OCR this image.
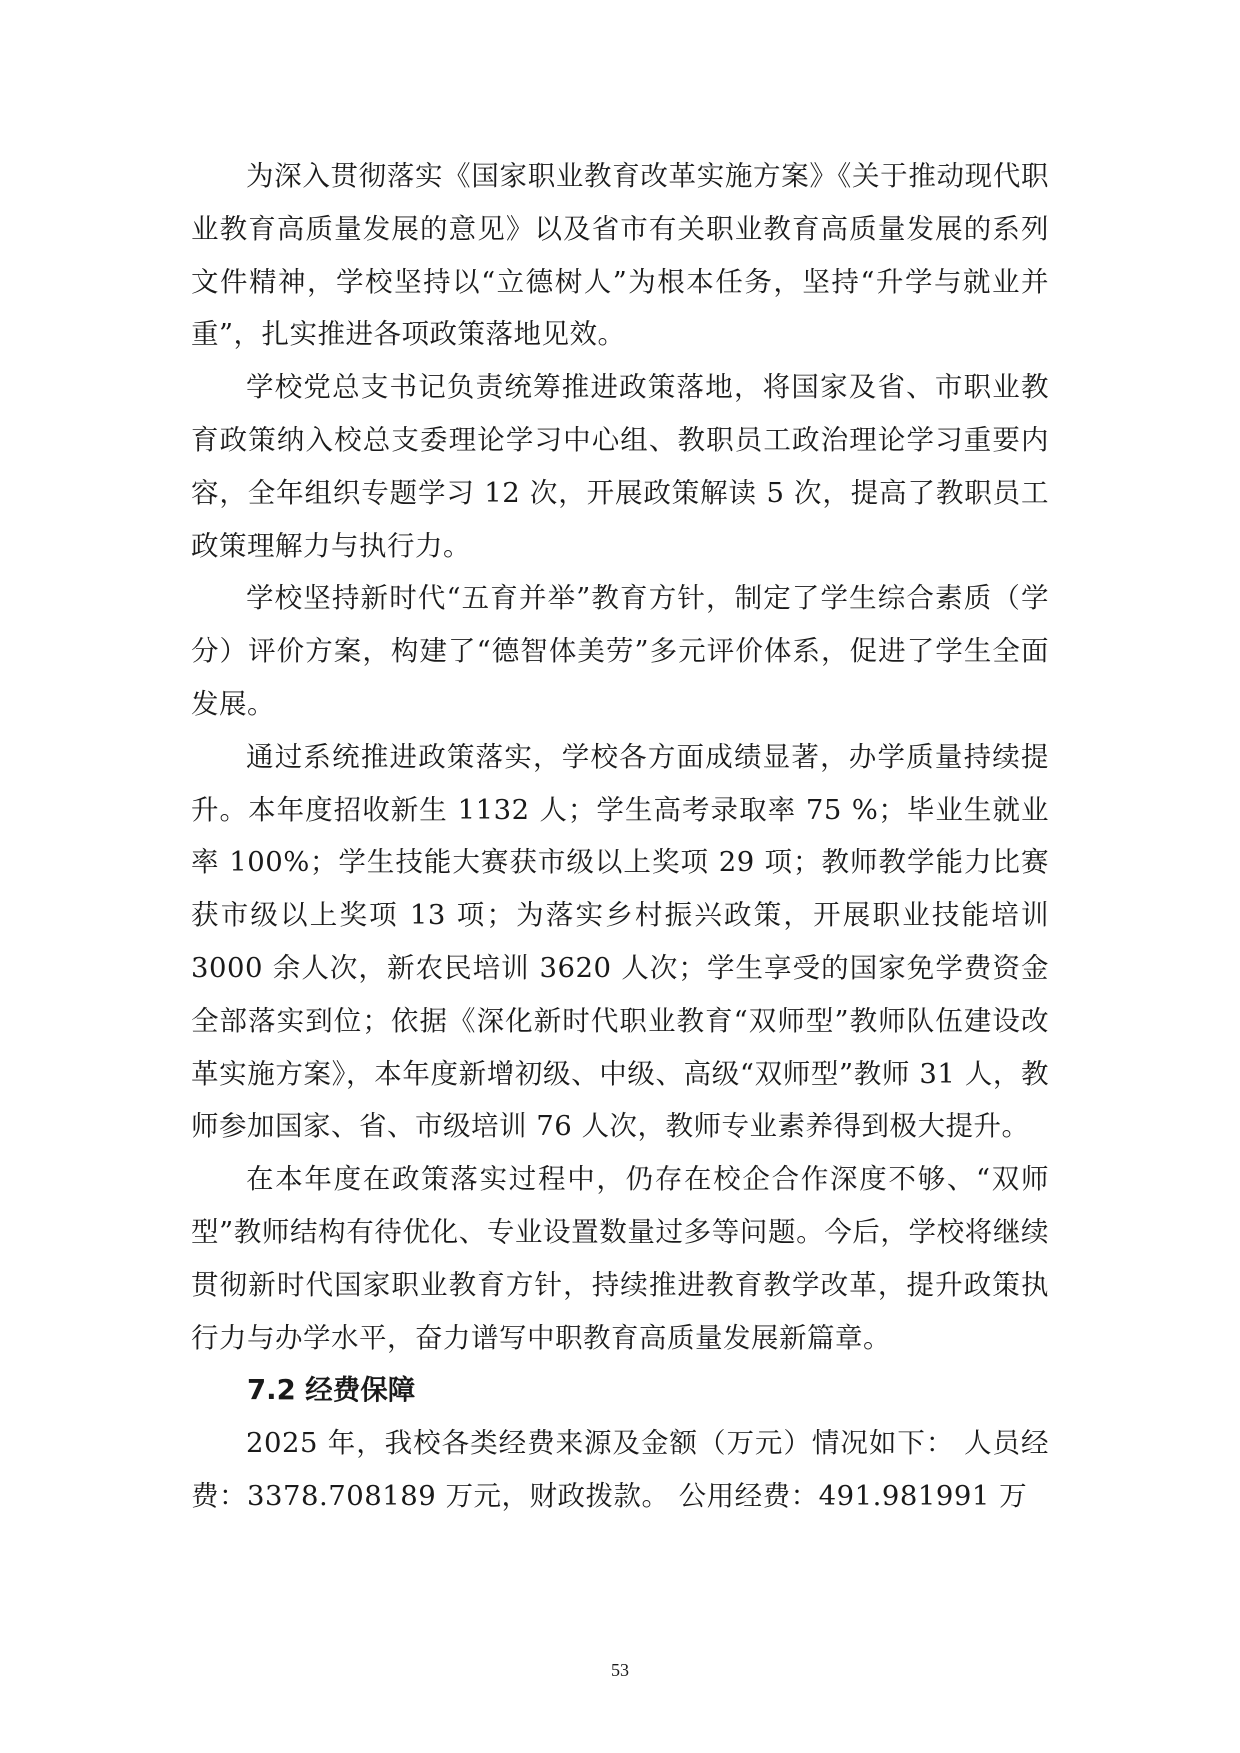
为深入贯彻落实《国家职业教育改革实施方案》《关于推动现代职业教育高质量发展的意见》以及省市有关职业教育高质量发展的系列文件精神，学校坚持以“立德树人”为根本任务，坚持“升学与就业并重”，扎实推进各项政策落地见效。

学校党总支书记负责统筹推进政策落地，将国家及省、市职业教育政策纳入校总支委理论学习中心组、教职员工政治理论学习重要内容，全年组织专题学习 12 次，开展政策解读 5 次，提高了教职员工政策理解力与执行力。

学校坚持新时代“五育并举”教育方针，制定了学生综合素质（学分）评价方案，构建了“德智体美劳”多元评价体系，促进了学生全面发展。

通过系统推进政策落实，学校各方面成绩显著，办学质量持续提升。本年度招收新生 1132 人；学生高考录取率 75 %；毕业生就业率 100%；学生技能大赛获市级以上奖项 29 项；教师教学能力比赛获市级以上奖项 13 项；为落实乡村振兴政策，开展职业技能培训 3000 余人次，新农民培训 3620 人次；学生享受的国家免学费资金全部落实到位；依据《深化新时代职业教育“双师型”教师队伍建设改革实施方案》，本年度新增初级、中级、高级“双师型”教师 31 人，教师参加国家、省、市级培训 76 人次，教师专业素养得到极大提升。

在本年度在政策落实过程中，仍存在校企合作深度不够、“双师型”教师结构有待优化、专业设置数量过多等问题。今后，学校将继续贯彻新时代国家职业教育方针，持续推进教育教学改革，提升政策执行力与办学水平，奋力谱写中职教育高质量发展新篇章。

7.2 经费保障

2025 年，我校各类经费来源及金额（万元）情况如下： 人员经费：3378.708189 万元，财政拨款。 公用经费：491.981991 万

53
